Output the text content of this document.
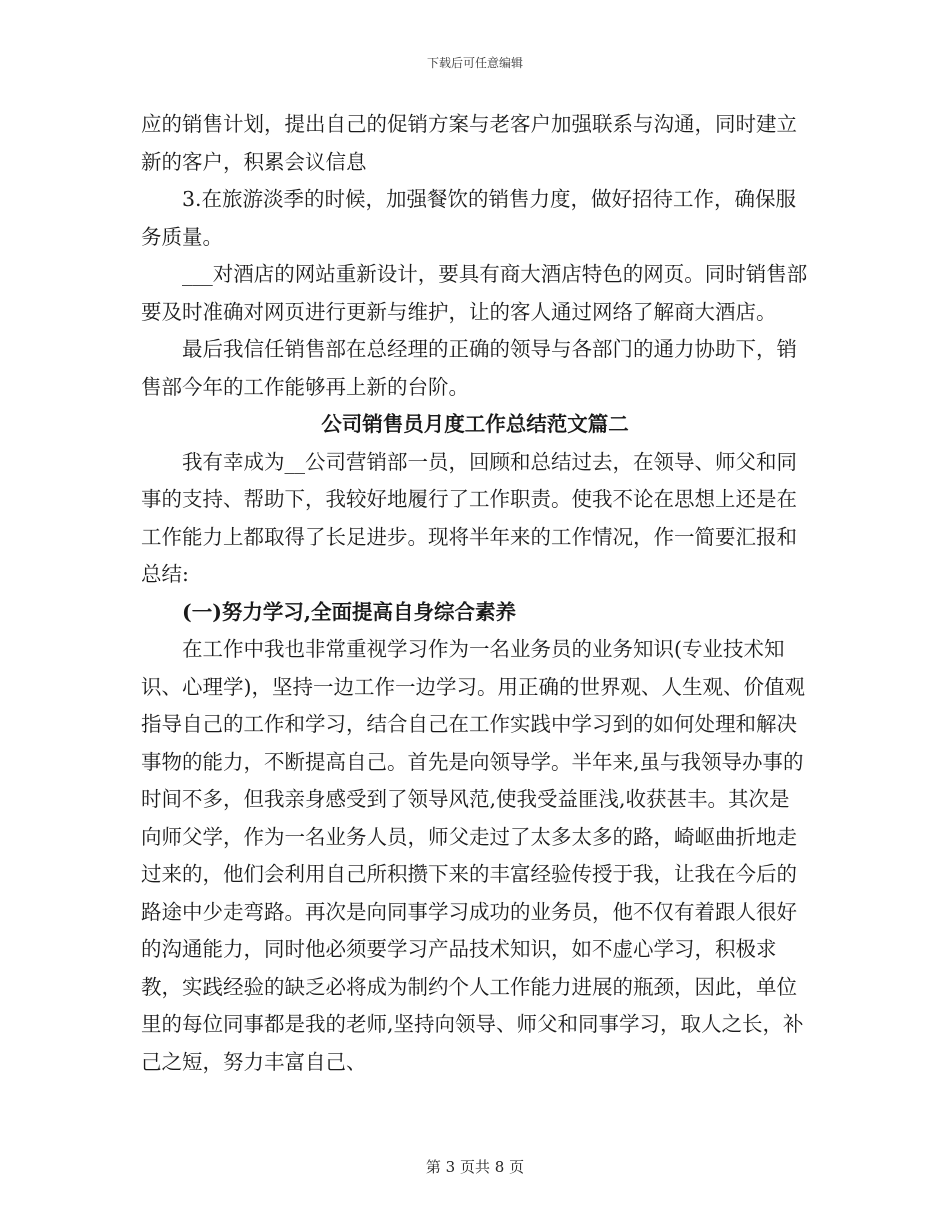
下载后可任意编辑

应的销售计划，提出自己的促销方案与老客户加强联系与沟通，同时建立新的客户，积累会议信息

3.在旅游淡季的时候，加强餐饮的销售力度，做好招待工作，确保服务质量。

___对酒店的网站重新设计，要具有商大酒店特色的网页。同时销售部要及时准确对网页进行更新与维护，让的客人通过网络了解商大酒店。

最后我信任销售部在总经理的正确的领导与各部门的通力协助下，销售部今年的工作能够再上新的台阶。

公司销售员月度工作总结范文篇二

我有幸成为__公司营销部一员，回顾和总结过去，在领导、师父和同事的支持、帮助下，我较好地履行了工作职责。使我不论在思想上还是在工作能力上都取得了长足进步。现将半年来的工作情况，作一简要汇报和总结:

(一)努力学习,全面提高自身综合素养

在工作中我也非常重视学习作为一名业务员的业务知识(专业技术知识、心理学)，坚持一边工作一边学习。用正确的世界观、人生观、价值观指导自己的工作和学习，结合自己在工作实践中学习到的如何处理和解决事物的能力，不断提高自己。首先是向领导学。半年来,虽与我领导办事的时间不多，但我亲身感受到了领导风范,使我受益匪浅,收获甚丰。其次是向师父学，作为一名业务人员，师父走过了太多太多的路，崎岖曲折地走过来的，他们会利用自己所积攒下来的丰富经验传授于我，让我在今后的路途中少走弯路。再次是向同事学习成功的业务员，他不仅有着跟人很好的沟通能力，同时他必须要学习产品技术知识，如不虚心学习，积极求教，实践经验的缺乏必将成为制约个人工作能力进展的瓶颈，因此，单位里的每位同事都是我的老师,坚持向领导、师父和同事学习，取人之长，补己之短，努力丰富自己、

第 3 页共 8 页
